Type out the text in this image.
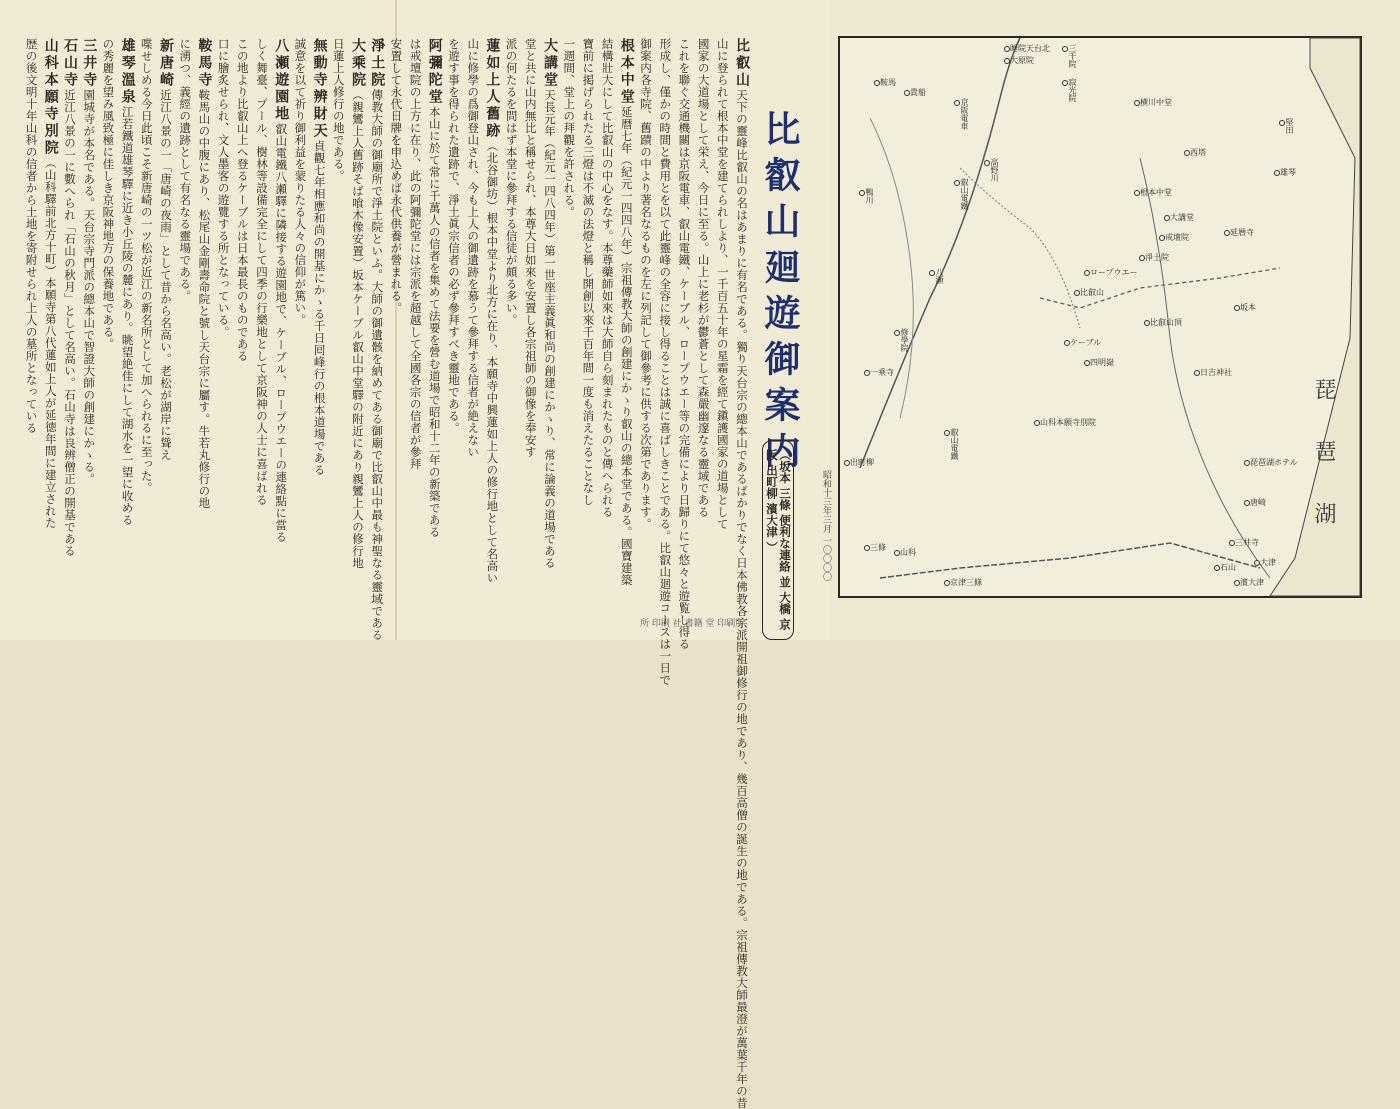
比叡山廻遊御案内
（坂本 三條 便利な連絡 並 大橋 京阪 出町柳 濱大津 ）
所 印刷 社 書籍 堂 印刷所
昭和十三年三月 一〇〇〇〇
比叡山天下の靈峰比叡山の名はあまりに有名である。獨り天台宗の總本山であるばかりでなく日本佛教各宗派開祖御修行の地であり、幾百高僧の誕生の地である。宗祖傳教大師最澄が萬葉千年の昔
山に登られて根本中堂を建てられしより、一千百五十年の星霜を經て鎭護國家の道場として
國家の大道場として栄え、今日に至る。山上に老杉が鬱蒼として森嚴幽邃なる靈域である
これを聯ぐ交通機關は京阪電車、叡山電鐵、ケーブル、ロープウエー等の完備により日歸りにて悠々と遊覧し得る
形成し、僅かの時間と費用とを以て此靈峰の全容に接し得ることは誠に喜ばしきことである。比叡山廻遊コースは一日で
御案内各寺院、舊蹟の中より著名なるものを左に列記して御參考に供する次第であります。
根本中堂延暦七年（紀元一四四八年）宗祖傳教大師の創建にかゝり叡山の總本堂である。國寶建築
結構壯大にして比叡山の中心をなす。本尊藥師如來は大師自ら刻まれたものと傳へられる
寶前に掲げられたる三燈は不滅の法燈と稱し開創以來千百年間一度も消えたることなし
一週間、堂上の拜觀を許される。
大講堂天長元年（紀元一四八四年）第一世座主義眞和尚の創建にかゝり、常に論義の道場である
堂と共に山内無比と稱せられ、本尊大日如來を安置し各宗祖師の御像を奉安す
派の何たるを問はず本堂に參拜する信徒が頗る多い。
蓮如上人舊跡（北谷御坊）根本中堂より北方に在り、本願寺中興蓮如上人の修行地として名高い
山に修學の爲御登山され、今も上人の御遺跡を慕うて參拜する信者が絶えない
を遊す事を得られた遺跡で、淨土眞宗信者の必ず參拜すべき靈地である。
阿彌陀堂本山に於て常に千萬人の信者を集めて法要を營む道場で昭和十二年の新築である
は戒壇院の上方に在り、此の阿彌陀堂には宗派を超越して全國各宗の信者が參拜
安置して永代日牌を申込めば永代供養が營まれる。
淨土院傳教大師の御廟所で淨土院といふ。大師の御遺骸を納めてある御廟で比叡山中最も神聖なる靈域である
大乘院（親鸞上人舊跡そば喰木像安置）坂本ケーブル叡山中堂驛の附近にあり親鸞上人の修行地
日蓮上人修行の地である。
無動寺辨財天貞觀七年相應和尚の開基にかゝる千日囘峰行の根本道場である
誠意を以て祈り御利益を蒙りたる人々の信仰が篤い。
八瀬遊園地叡山電鐵八瀬驛に隣接する遊園地で、ケーブル、ロープウエーの連絡點に當る
しく舞臺、プール、樹林等設備完全にして四季の行樂地として京阪神の人士に喜ばれる
この地より比叡山上へ登るケーブルは日本最長のものである
口に膾炙せられ、文人墨客の遊覽する所となっている。
鞍馬寺鞍馬山の中腹にあり、松尾山金剛壽命院と號し天台宗に屬す。牛若丸修行の地
に湧つ、義經の遺跡として有名なる靈場である。
新唐崎近江八景の一「唐崎の夜雨」として昔から名高い。老松が湖岸に聳え
喋せしめる今日此頃こそ新唐崎の一ツ松が近江の新名所として加へられるに至った。
雄琴溫泉江若鐵道雄琴驛に近き小丘陵の麓にあり。眺望絶佳にして湖水を一望に收める
の秀麗を望み風致極に佳しき京阪神地方の保養地である。
三井寺園城寺が本名である。天台宗寺門派の總本山で智證大師の創建にかゝる。
石山寺近江八景の一に數へられ「石山の秋月」として名高い。石山寺は良辨僧正の開基である
山科本願寺別院（山科驛前北方十町）本願寺第八代蓮如上人が延徳年間に建立された
歴の後文明十年山科の信者から土地を寄附せられ上人の墓所となっている
琵琶湖
睡院天台北
大原院	三千院
寂光院
根本中堂
大講堂
戒壇院
淨土院
西塔
横川中堂
延暦寺
坂本
比叡山
叡山電鐵
八瀬
修學院
一乘寺
出町柳
三條
京津三條	濱大津
大津
堅田
雄琴
唐崎
三井寺
石山
山科
鞍馬
貴船
ロープウエー
ケーブル
比叡山頂
四明嶽
日吉神社
琵琶湖ホテル
京阪電車
叡山電鐵
山科本願寺別院
鴨川
高野川
